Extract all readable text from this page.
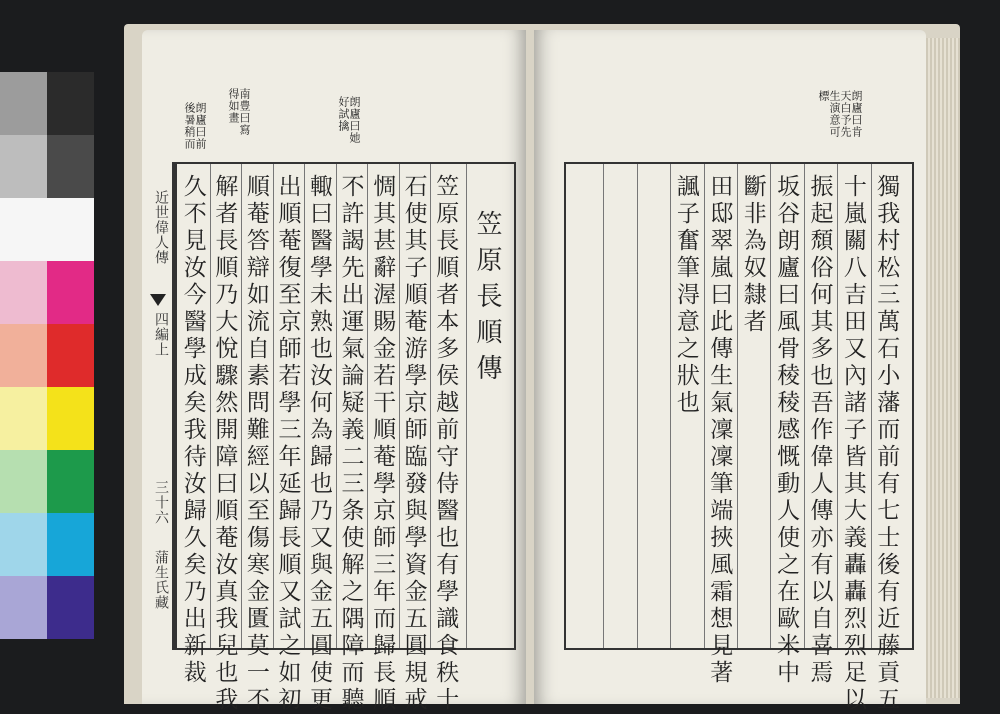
近世偉人傳
四編上
三十六
蒲生氏藏
朗廬曰前
後暑稍而	南豊曰寫
得如畫	朗廬曰她
好試擒
笠原長順傳
笠原長順者本多侯越前守侍醫也有學識食秩十
石使其子順菴游學京師臨發與學資金五圓規戒
惆其甚辭渥賜金若干順菴學京師三年而歸長順
不許謁先出運氣論疑義二三条使解之隅障而聽
輙曰醫學未熟也汝何為歸也乃又與金五圓使更
出順菴復至京師若學三年延歸長順又試之如初
順菴答辯如流自素問難經以至傷寒金匱莫一不
解者長順乃大悅驟然開障曰順菴汝真我兒也我
久不見汝今醫學成矣我待汝歸久矣乃出新裁
朗廬曰肯
天白予先
生演意可
標
獨我村松三萬石小藩而前有七士後有近藤貢五
十嵐關八吉田又內諸子皆其大義轟轟烈烈足以
振起頹俗何其多也吾作偉人傳亦有以自喜焉
坂谷朗廬曰風骨稜稜感慨動人使之在歐米中
斷非為奴隸者
田邸翠嵐曰此傳生氣凜凜筆端挾風霜想見著
諷子奮筆淂意之狀也
